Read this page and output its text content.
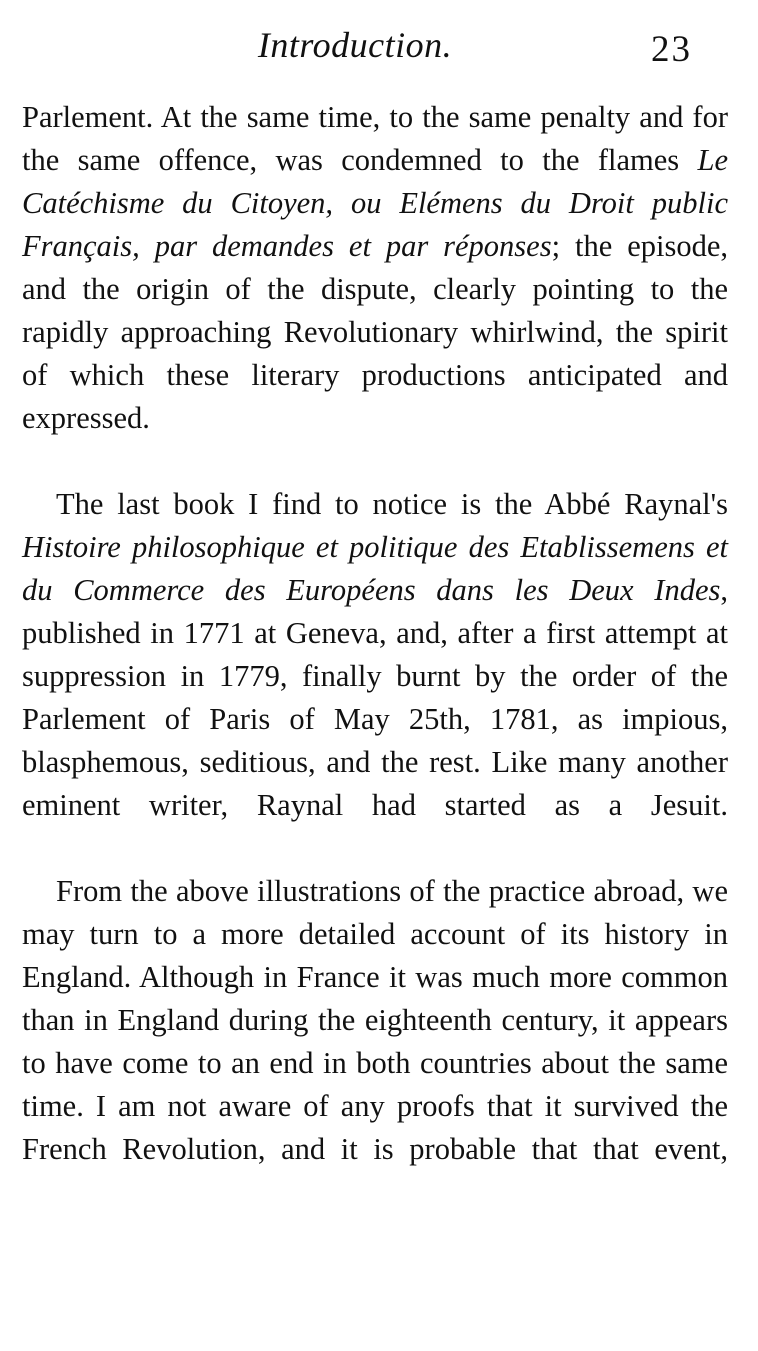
Introduction.	23

Parlement. At the same time, to the same penalty and for the same offence, was condemned to the flames Le Catéchisme du Citoyen, ou Elémens du Droit public Français, par demandes et par réponses; the episode, and the origin of the dispute, clearly pointing to the rapidly approaching Revolutionary whirlwind, the spirit of which these literary productions anticipated and expressed.

The last book I find to notice is the Abbé Raynal's Histoire philosophique et politique des Etablissemens et du Commerce des Européens dans les Deux Indes, published in 1771 at Geneva, and, after a first attempt at suppression in 1779, finally burnt by the order of the Parlement of Paris of May 25th, 1781, as impious, blasphemous, seditious, and the rest. Like many another eminent writer, Raynal had started as a Jesuit.

From the above illustrations of the practice abroad, we may turn to a more detailed account of its history in England. Although in France it was much more common than in England during the eighteenth century, it appears to have come to an end in both countries about the same time. I am not aware of any proofs that it survived the French Revolution, and it is probable that that event,
